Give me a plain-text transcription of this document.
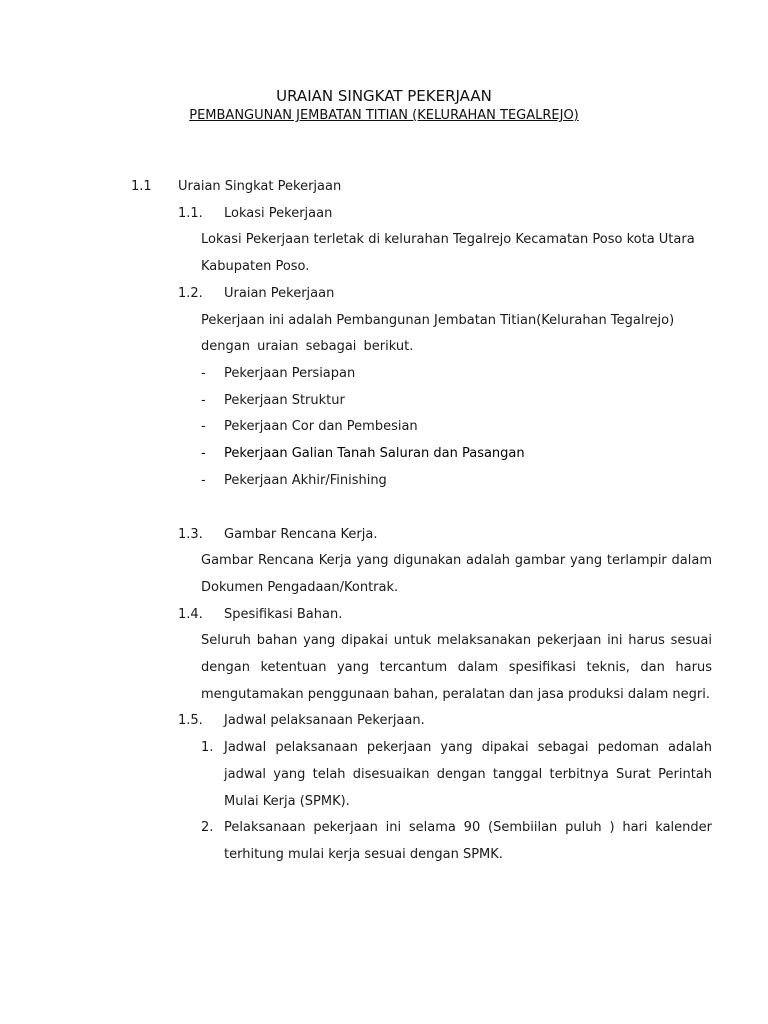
URAIAN SINGKAT PEKERJAAN
PEMBANGUNAN JEMBATAN TITIAN (KELURAHAN TEGALREJO)
1.1 Uraian Singkat Pekerjaan
1.1. Lokasi Pekerjaan
Lokasi Pekerjaan terletak di kelurahan Tegalrejo Kecamatan Poso kota Utara
Kabupaten Poso.
1.2. Uraian Pekerjaan
Pekerjaan ini adalah Pembangunan Jembatan Titian(Kelurahan Tegalrejo)
dengan uraian sebagai berikut.
- Pekerjaan Persiapan
- Pekerjaan Struktur
- Pekerjaan Cor dan Pembesian
- Pekerjaan Galian Tanah Saluran dan Pasangan
- Pekerjaan Akhir/Finishing
1.3. Gambar Rencana Kerja.
Gambar Rencana Kerja yang digunakan adalah gambar yang terlampir dalam Dokumen Pengadaan/Kontrak.
1.4. Spesifikasi Bahan.
Seluruh bahan yang dipakai untuk melaksanakan pekerjaan ini harus sesuai dengan ketentuan yang tercantum dalam spesifikasi teknis, dan harus mengutamakan penggunaan bahan, peralatan dan jasa produksi dalam negri.
1.5. Jadwal pelaksanaan Pekerjaan.
1. Jadwal pelaksanaan pekerjaan yang dipakai sebagai pedoman adalah jadwal yang telah disesuaikan dengan tanggal terbitnya Surat Perintah Mulai Kerja (SPMK).
2. Pelaksanaan pekerjaan ini selama 90 (Sembiilan puluh ) hari kalender terhitung mulai kerja sesuai dengan SPMK.
